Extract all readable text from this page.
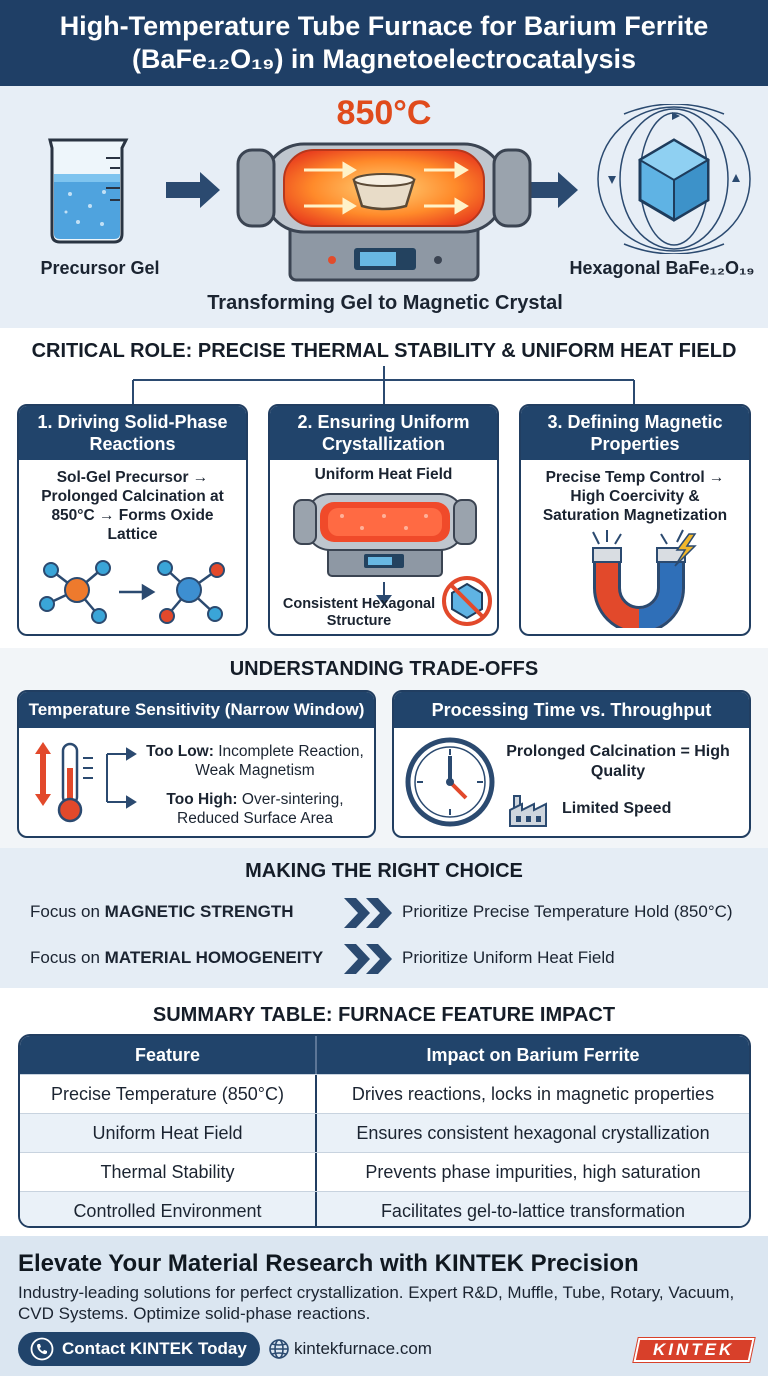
High-Temperature Tube Furnace for Barium Ferrite
(BaFe₁₂O₁₉) in Magnetoelectrocatalysis
Precursor Gel
850°C
Transforming Gel to Magnetic Crystal
Hexagonal BaFe₁₂O₁₉
CRITICAL ROLE: PRECISE THERMAL STABILITY & UNIFORM HEAT FIELD
1. Driving Solid-Phase Reactions
Sol-Gel Precursor → Prolonged Calcination at 850°C → Forms Oxide Lattice
2. Ensuring Uniform Crystallization
Uniform Heat Field
Consistent Hexagonal Structure
3. Defining Magnetic Properties
Precise Temp Control → High Coercivity & Saturation Magnetization
UNDERSTANDING TRADE-OFFS
Temperature Sensitivity (Narrow Window)
Too Low: Incomplete Reaction, Weak Magnetism
Too High: Over-sintering, Reduced Surface Area
Processing Time vs. Throughput
Prolonged Calcination = High Quality
Limited Speed
MAKING THE RIGHT CHOICE
Focus on MAGNETIC STRENGTH	Prioritize Precise Temperature Hold (850°C)
Focus on MATERIAL HOMOGENEITY	Prioritize Uniform Heat Field
SUMMARY TABLE: FURNACE FEATURE IMPACT
Feature	Impact on Barium Ferrite
Precise Temperature (850°C)	Drives reactions, locks in magnetic properties
Uniform Heat Field	Ensures consistent hexagonal crystallization
Thermal Stability	Prevents phase impurities, high saturation
Controlled Environment	Facilitates gel-to-lattice transformation
Elevate Your Material Research with KINTEK Precision
Industry-leading solutions for perfect crystallization. Expert R&D, Muffle, Tube, Rotary, Vacuum, CVD Systems. Optimize solid-phase reactions.
Contact KINTEK Today	kintekfurnace.com	KINTEK
